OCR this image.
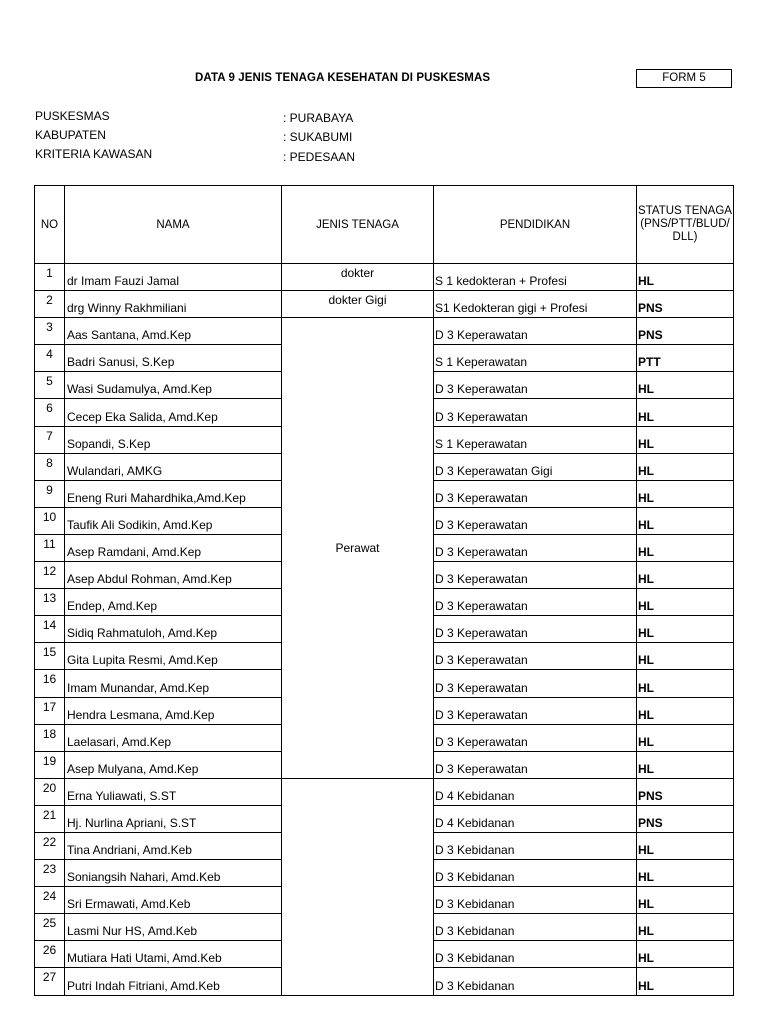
DATA 9 JENIS TENAGA KESEHATAN DI PUSKESMAS	FORM 5
PUSKESMAS	: PURABAYA
KABUPATEN	: SUKABUMI
KRITERIA KAWASAN	: PEDESAAN
NO	NAMA	JENIS TENAGA	PENDIDIKAN	STATUS TENAGA (PNS/PTT/BLUD/ DLL)
1	dr Imam Fauzi Jamal	dokter	S 1 kedokteran + Profesi	HL
2	drg Winny Rakhmiliani	dokter Gigi	S1 Kedokteran gigi + Profesi	PNS
3	Aas Santana, Amd.Kep	Perawat	D 3 Keperawatan	PNS
4	Badri Sanusi, S.Kep		S 1 Keperawatan	PTT
5	Wasi Sudamulya, Amd.Kep		D 3 Keperawatan	HL
6	Cecep Eka Salida, Amd.Kep		D 3 Keperawatan	HL
7	Sopandi, S.Kep		S 1 Keperawatan	HL
8	Wulandari, AMKG		D 3 Keperawatan Gigi	HL
9	Eneng Ruri Mahardhika,Amd.Kep		D 3 Keperawatan	HL
10	Taufik Ali Sodikin, Amd.Kep		D 3 Keperawatan	HL
11	Asep Ramdani, Amd.Kep		D 3 Keperawatan	HL
12	Asep Abdul Rohman, Amd.Kep		D 3 Keperawatan	HL
13	Endep, Amd.Kep		D 3 Keperawatan	HL
14	Sidiq Rahmatuloh, Amd.Kep		D 3 Keperawatan	HL
15	Gita Lupita Resmi, Amd.Kep		D 3 Keperawatan	HL
16	Imam Munandar, Amd.Kep		D 3 Keperawatan	HL
17	Hendra Lesmana, Amd.Kep		D 3 Keperawatan	HL
18	Laelasari, Amd.Kep		D 3 Keperawatan	HL
19	Asep Mulyana, Amd.Kep		D 3 Keperawatan	HL
20	Erna Yuliawati, S.ST		D 4 Kebidanan	PNS
21	Hj. Nurlina Apriani, S.ST		D 4 Kebidanan	PNS
22	Tina Andriani, Amd.Keb		D 3 Kebidanan	HL
23	Soniangsih Nahari, Amd.Keb		D 3 Kebidanan	HL
24	Sri Ermawati, Amd.Keb		D 3 Kebidanan	HL
25	Lasmi Nur HS, Amd.Keb		D 3 Kebidanan	HL
26	Mutiara Hati Utami, Amd.Keb		D 3 Kebidanan	HL
27	Putri Indah Fitriani, Amd.Keb		D 3 Kebidanan	HL
